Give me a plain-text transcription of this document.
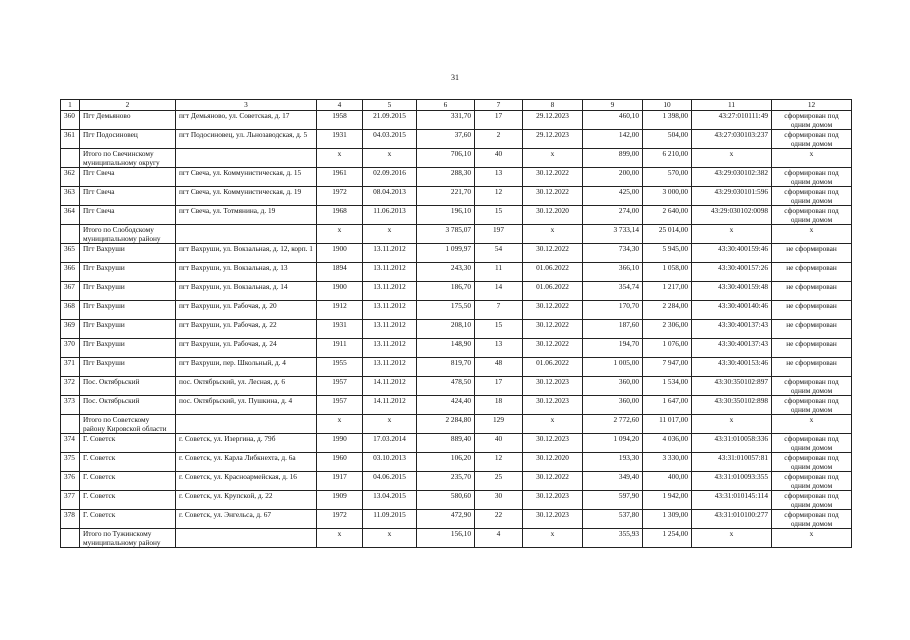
31
1	2	3	4	5	6	7	8	9	10	11	12
360	Пгт Демьяново	пгт Демьяново, ул. Советская, д. 17	1958	21.09.2015	331,70	17	29.12.2023	460,10	1 398,00	43:27:010111:49	сформирован под одним домом
361	Пгт Подосиновец	пгт Подосиновец, ул. Льнозаводская, д. 5	1931	04.03.2015	37,60	2	29.12.2023	142,00	504,00	43:27:030103:237	сформирован под одним домом
	Итого по Свечинскому муниципальному округу		x	x	706,10	40	x	899,00	6 210,00	x	x
362	Пгт Свеча	пгт Свеча, ул. Коммунистическая, д. 15	1961	02.09.2016	288,30	13	30.12.2022	200,00	570,00	43:29:030102:382	сформирован под одним домом
363	Пгт Свеча	пгт Свеча, ул. Коммунистическая, д. 19	1972	08.04.2013	221,70	12	30.12.2022	425,00	3 000,00	43:29:030101:596	сформирован под одним домом
364	Пгт Свеча	пгт Свеча, ул. Тотмянина, д. 19	1968	11.06.2013	196,10	15	30.12.2020	274,00	2 640,00	43:29:030102:0098	сформирован под одним домом
	Итого по Слободскому муниципальному району		x	x	3 785,07	197	x	3 733,14	25 014,00	x	x
365	Пгт Вахруши	пгт Вахруши, ул. Вокзальная, д. 12, корп. 1	1900	13.11.2012	1 099,97	54	30.12.2022	734,30	5 945,00	43:30:400159:46	не сформирован
366	Пгт Вахруши	пгт Вахруши, ул. Вокзальная, д. 13	1894	13.11.2012	243,30	11	01.06.2022	366,10	1 058,00	43:30:400157:26	не сформирован
367	Пгт Вахруши	пгт Вахруши, ул. Вокзальная, д. 14	1900	13.11.2012	186,70	14	01.06.2022	354,74	1 217,00	43:30:400159:48	не сформирован
368	Пгт Вахруши	пгт Вахруши, ул. Рабочая, д. 20	1912	13.11.2012	175,50	7	30.12.2022	170,70	2 284,00	43:30:400140:46	не сформирован
369	Пгт Вахруши	пгт Вахруши, ул. Рабочая, д. 22	1931	13.11.2012	208,10	15	30.12.2022	187,60	2 306,00	43:30:400137:43	не сформирован
370	Пгт Вахруши	пгт Вахруши, ул. Рабочая, д. 24	1911	13.11.2012	148,90	13	30.12.2022	194,70	1 076,00	43:30:400137:43	не сформирован
371	Пгт Вахруши	пгт Вахруши, пер. Школьный, д. 4	1955	13.11.2012	819,70	48	01.06.2022	1 005,00	7 947,00	43:30:400153:46	не сформирован
372	Пос. Октябрьский	пос. Октябрьский, ул. Лесная, д. 6	1957	14.11.2012	478,50	17	30.12.2023	360,00	1 534,00	43:30:350102:897	сформирован под одним домом
373	Пос. Октябрьский	пос. Октябрьский, ул. Пушкина, д. 4	1957	14.11.2012	424,40	18	30.12.2023	360,00	1 647,00	43:30:350102:898	сформирован под одним домом
	Итого по Советскому району Кировской области		x	x	2 284,80	129	x	2 772,60	11 017,00	x	x
374	Г. Советск	г. Советск, ул. Изергина, д. 79б	1990	17.03.2014	889,40	40	30.12.2023	1 094,20	4 036,00	43:31:010058:336	сформирован под одним домом
375	Г. Советск	г. Советск, ул. Карла Либкнехта, д. 6а	1960	03.10.2013	106,20	12	30.12.2020	193,30	3 330,00	43:31:010057:81	сформирован под одним домом
376	Г. Советск	г. Советск, ул. Красноармейская, д. 16	1917	04.06.2015	235,70	25	30.12.2022	349,40	400,00	43:31:010093:355	сформирован под одним домом
377	Г. Советск	г. Советск, ул. Крупской, д. 22	1909	13.04.2015	580,60	30	30.12.2023	597,90	1 942,00	43:31:010145:114	сформирован под одним домом
378	Г. Советск	г. Советск, ул. Энгельса, д. 67	1972	11.09.2015	472,90	22	30.12.2023	537,80	1 309,00	43:31:010100:277	сформирован под одним домом
	Итого по Тужинскому муниципальному району		x	x	156,10	4	x	355,93	1 254,00	x	x
